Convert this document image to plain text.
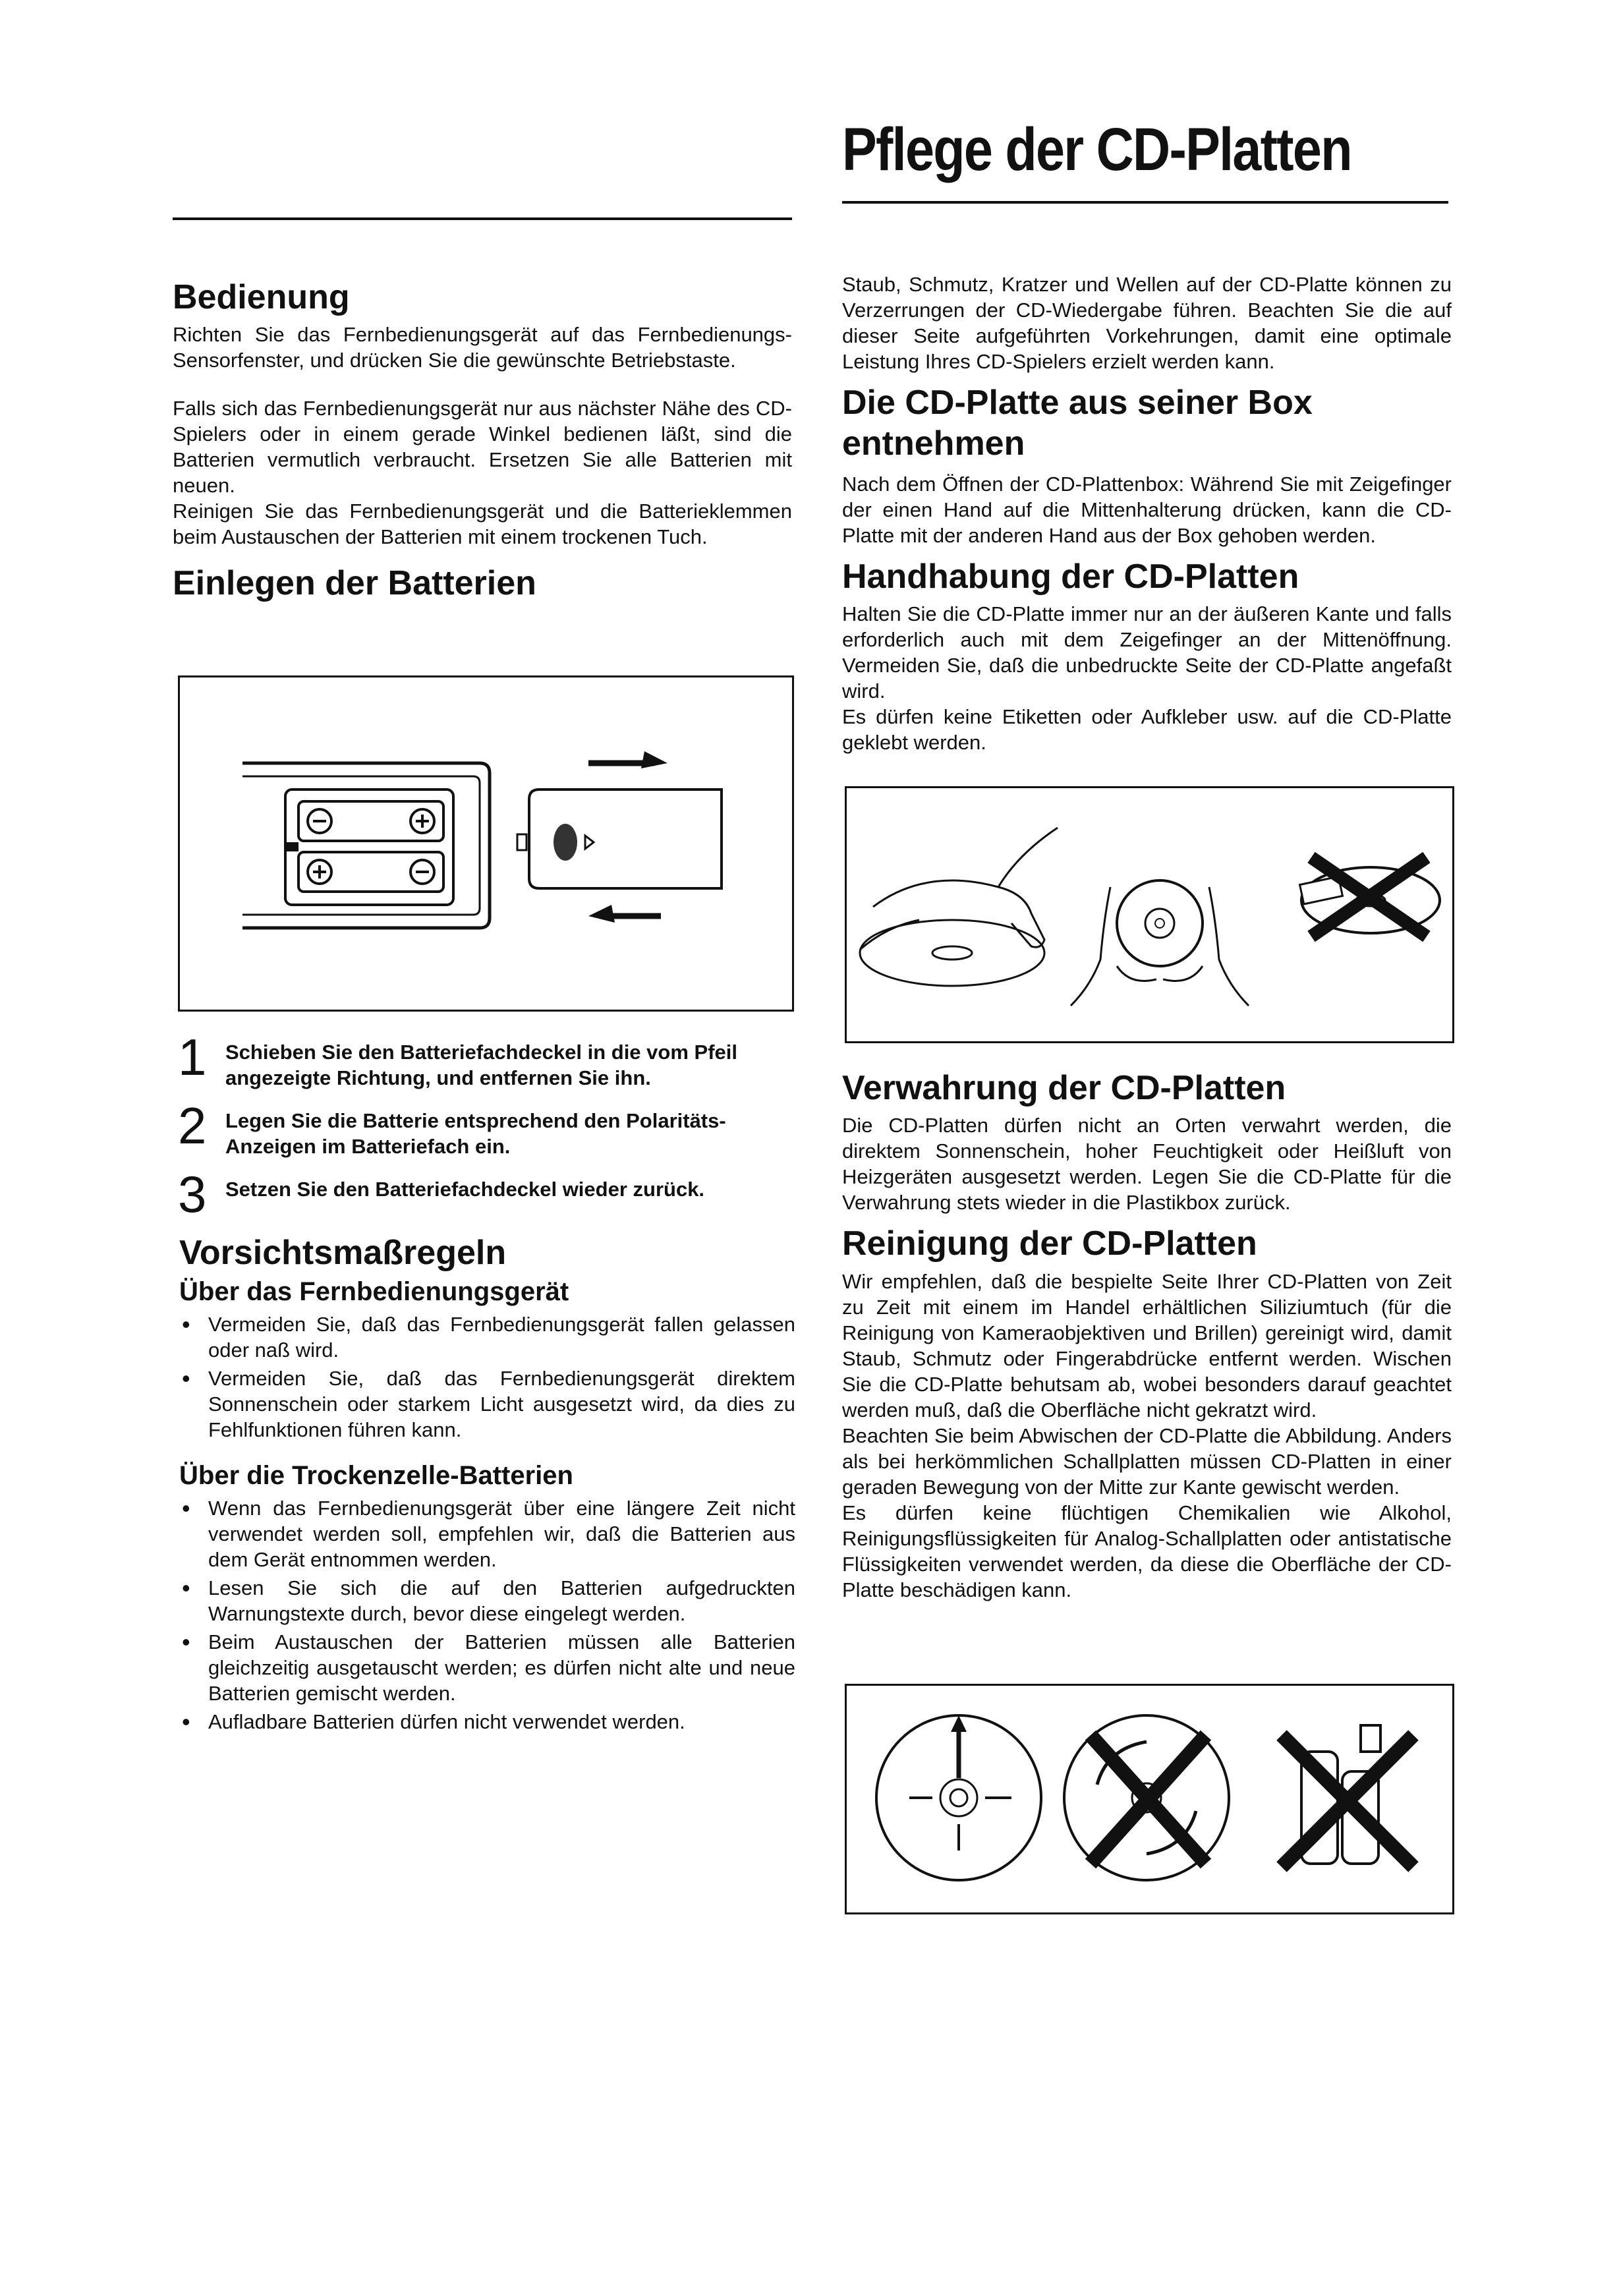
Pflege der CD-Platten
Bedienung

Richten Sie das Fernbedienungsgerät auf das Fernbedienungs-Sensorfenster, und drücken Sie die gewünschte Betriebstaste.

Falls sich das Fernbedienungsgerät nur aus nächster Nähe des CD-Spielers oder in einem gerade Winkel bedienen läßt, sind die Batterien vermutlich verbraucht. Ersetzen Sie alle Batterien mit neuen.

Reinigen Sie das Fernbedienungsgerät und die Batterieklemmen beim Austauschen der Batterien mit einem trockenen Tuch.

Einlegen der Batterien
1 Schieben Sie den Batteriefachdeckel in die vom Pfeil angezeigte Richtung, und entfernen Sie ihn.
2 Legen Sie die Batterie entsprechend den Polaritäts-Anzeigen im Batteriefach ein.
3 Setzen Sie den Batteriefachdeckel wieder zurück.
Vorsichtsmaßregeln
Über das Fernbedienungsgerät
• Vermeiden Sie, daß das Fernbedienungsgerät fallen gelassen oder naß wird.
• Vermeiden Sie, daß das Fernbedienungsgerät direktem Sonnenschein oder starkem Licht ausgesetzt wird, da dies zu Fehlfunktionen führen kann.
Über die Trockenzelle-Batterien
• Wenn das Fernbedienungsgerät über eine längere Zeit nicht verwendet werden soll, empfehlen wir, daß die Batterien aus dem Gerät entnommen werden.
• Lesen Sie sich die auf den Batterien aufgedruckten Warnungstexte durch, bevor diese eingelegt werden.
• Beim Austauschen der Batterien müssen alle Batterien gleichzeitig ausgetauscht werden; es dürfen nicht alte und neue Batterien gemischt werden.
• Aufladbare Batterien dürfen nicht verwendet werden.

Staub, Schmutz, Kratzer und Wellen auf der CD-Platte können zu Verzerrungen der CD-Wiedergabe führen. Beachten Sie die auf dieser Seite aufgeführten Vorkehrungen, damit eine optimale Leistung Ihres CD-Spielers erzielt werden kann.

Die CD-Platte aus seiner Box entnehmen

Nach dem Öffnen der CD-Plattenbox: Während Sie mit Zeigefinger der einen Hand auf die Mittenhalterung drücken, kann die CD-Platte mit der anderen Hand aus der Box gehoben werden.

Handhabung der CD-Platten

Halten Sie die CD-Platte immer nur an der äußeren Kante und falls erforderlich auch mit dem Zeigefinger an der Mittenöffnung. Vermeiden Sie, daß die unbedruckte Seite der CD-Platte angefaßt wird.

Es dürfen keine Etiketten oder Aufkleber usw. auf die CD-Platte geklebt werden.

Verwahrung der CD-Platten

Die CD-Platten dürfen nicht an Orten verwahrt werden, die direktem Sonnenschein, hoher Feuchtigkeit oder Heißluft von Heizgeräten ausgesetzt werden. Legen Sie die CD-Platte für die Verwahrung stets wieder in die Plastikbox zurück.

Reinigung der CD-Platten

Wir empfehlen, daß die bespielte Seite Ihrer CD-Platten von Zeit zu Zeit mit einem im Handel erhältlichen Siliziumtuch (für die Reinigung von Kameraobjektiven und Brillen) gereinigt wird, damit Staub, Schmutz oder Fingerabdrücke entfernt werden. Wischen Sie die CD-Platte behutsam ab, wobei besonders darauf geachtet werden muß, daß die Oberfläche nicht gekratzt wird.

Beachten Sie beim Abwischen der CD-Platte die Abbildung. Anders als bei herkömmlichen Schallplatten müssen CD-Platten in einer geraden Bewegung von der Mitte zur Kante gewischt werden.

Es dürfen keine flüchtigen Chemikalien wie Alkohol, Reinigungsflüssigkeiten für Analog-Schallplatten oder antistatische Flüssigkeiten verwendet werden, da diese die Oberfläche der CD-Platte beschädigen kann.
